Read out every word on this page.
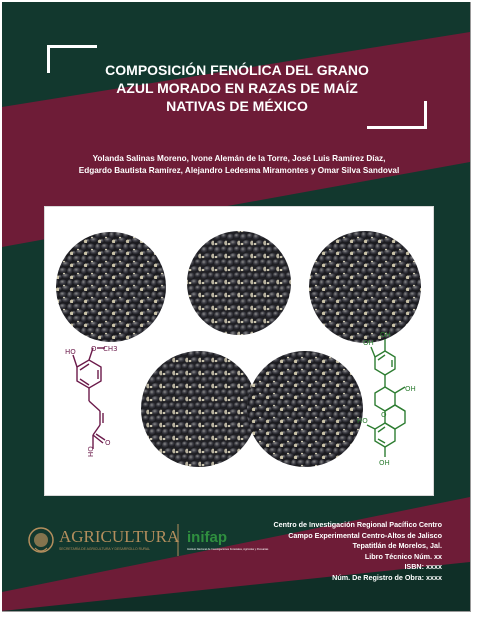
COMPOSICIÓN FENÓLICA DEL GRANO
AZUL MORADO EN RAZAS DE MAÍZ
NATIVAS DE MÉXICO
Yolanda Salinas Moreno, Ivone Alemán de la Torre, José Luis Ramírez Díaz,
Edgardo Bautista Ramírez, Alejandro Ledesma Miramontes y Omar Silva Sandoval
HO O CH3
HO
O
OH
OH
O
OH
HO
OH
AGRICULTURA
SECRETARÍA DE AGRICULTURA Y DESARROLLO RURAL
inifap
Instituto Nacional de Investigaciones Forestales, Agrícolas y Pecuarias
Centro de Investigación Regional Pacífico Centro
Campo Experimental Centro-Altos de Jalisco
Tepatitlán de Morelos, Jal.
Libro Técnico Núm. xx
ISBN: xxxx
Núm. De Registro de Obra: xxxx
